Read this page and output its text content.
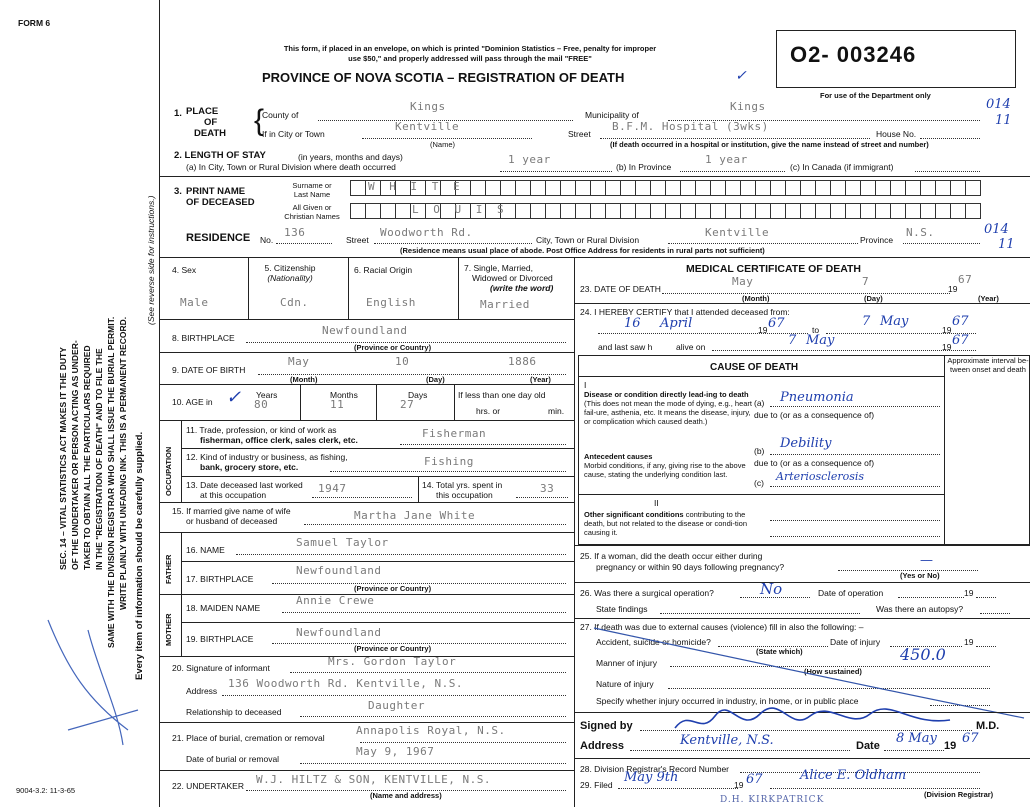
FORM 6
SEC. 14 – VITAL STATISTICS ACT MAKES IT THE DUTY OF THE UNDERTAKER OR PERSON ACTING AS UNDER- TAKER TO OBTAIN ALL THE PARTICULARS REQUIRED IN THE "REGISTRATION OF DEATH" AND TO FILE THE SAME WITH THE DIVISION REGISTRAR WHO SHALL ISSUE THE BURIAL PERMIT. WRITE PLAINLY WITH UNFADING INK. THIS IS A PERMANENT RECORD. Every item of information should be carefully supplied.
(See reverse side for instructions.)
9004-3.2: 11-3-65
This form, if placed in an envelope, on which is printed "Dominion Statistics – Free, penalty for improper
use $50," and properly addressed will pass through the mail "FREE"
PROVINCE OF NOVA SCOTIA – REGISTRATION OF DEATH	✓
O2- 003246
For use of the Department only
1. PLACE
OF
DEATH
County of
Kings
Municipality of
Kings	014
If in City or Town
Kentville
(Name)
Street
B.F.M. Hospital (3wks)
House No.
11
(If death occurred in a hospital or institution, give the name instead of street and number)
{
2. LENGTH OF STAY	(in years, months and days)
(a) In City, Town or Rural Division where death occurred
1 year
(b) In Province
1 year
(c) In Canada (if immigrant)
3. PRINT NAME
OF DECEASED
Surname or
Last Name
All Given or
Christian Names
W H I T E
L O U I S
RESIDENCE No.
136
Street
Woodworth Rd.
City, Town or Rural Division
Kentville
Province
N.S.	014
11
(Residence means usual place of abode. Post Office Address for residents in rural parts not sufficient)
4. Sex
Male
5. Citizenship
(Nationality)
Cdn.
6. Racial Origin
English
7. Single, Married,
Widowed or Divorced
(write the word)
Married
8. BIRTHPLACE
Newfoundland
(Province or Country)
9. DATE OF BIRTH
May	10	1886
(Month)	(Day)	(Year)
10. AGE in ✓ Years
80
Months
11
Days
27
If less than one day old
hrs. or	min.
OCCUPATION
11. Trade, profession, or kind of work as
fisherman, office clerk, sales clerk, etc.	Fisherman
12. Kind of industry or business, as fishing,
bank, grocery store, etc.	Fishing
13. Date deceased last worked
at this occupation	1947	14. Total yrs. spent in
this occupation	33
15. If married give name of wife
or husband of deceased	Martha Jane White
FATHER
16. NAME
Samuel Taylor
17. BIRTHPLACE
Newfoundland
(Province or Country)
MOTHER
18. MAIDEN NAME
Annie Crewe
19. BIRTHPLACE	Newfoundland
(Province or Country)
20. Signature of informant	Mrs. Gordon Taylor
Address
136 Woodworth Rd. Kentville, N.S.
Relationship to deceased	Daughter
21. Place of burial, cremation or removal
Annapolis Royal, N.S.
Date of burial or removal
May 9, 1967
22. UNDERTAKER W.J. HILTZ & SON, KENTVILLE, N.S.
(Name and address)
MEDICAL CERTIFICATE OF DEATH
23. DATE OF DEATH
May	7
19
67
(Month)	(Day)	(Year)
24. I HEREBY CERTIFY that I attended deceased from:
16 April	19 67	to
7 May
19
67
and last saw h	alive on	7 May	19 67
CAUSE OF DEATH
Approximate interval be-tween onset and death
I
Disease or condition directly lead-ing to death (This does not mean the mode of dying, e.g., heart fail-ure, asthenia, etc. It means the disease, injury, or complication which caused death.)
(a) Pneumonia
due to (or as a consequence of)
Antecedent causes
Morbid conditions, if any, giving rise to the above cause, stating the underlying condition last.
(b) Debility
due to (or as a consequence of)
(c) Arteriosclerosis
II
Other significant conditions contributing to the death, but not related to the disease or condi-tion causing it.
25. If a woman, did the death occur either during
pregnancy or within 90 days following pregnancy?	—
(Yes or No)
26. Was there a surgical operation?	No	Date of operation	19
State findings	Was there an autopsy?
27. If death was due to external causes (violence) fill in also the following: –
Accident, suicide or homicide?	Date of injury	19
(State which)
Manner of injury	450.0
(How sustained)
Nature of injury
Specify whether injury occurred in industry, in home, or in public place
Signed by	M.D.
Address	Kentville, N.S.	Date 8 May 19 67
28. Division Registrar's Record Number
29. Filed May 9th	19 67	Alice E. Oldham
(Division Registrar)
D.H. KIRKPATRICK
